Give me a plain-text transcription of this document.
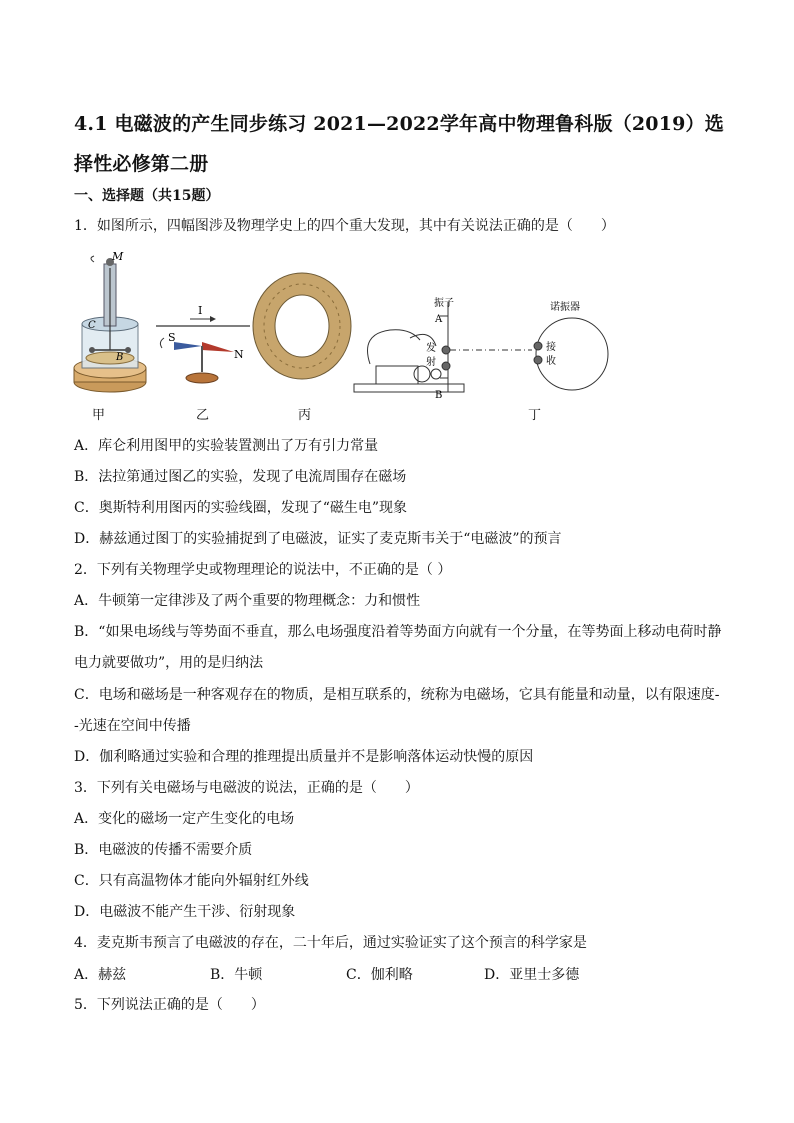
4.1 电磁波的产生同步练习 2021—2022学年高中物理鲁科版（2019）选择性必修第二册
一、选择题（共15题）
1．如图所示，四幅图涉及物理学史上的四个重大发现，其中有关说法正确的是（　　）
M
C
B
I
S
N
振子
A
发
射
B
诺振器
接
收
甲	乙	丙	丁
A．库仑利用图甲的实验装置测出了万有引力常量
B．法拉第通过图乙的实验，发现了电流周围存在磁场
C．奥斯特利用图丙的实验线圈，发现了“磁生电”现象
D．赫兹通过图丁的实验捕捉到了电磁波，证实了麦克斯韦关于“电磁波”的预言
2．下列有关物理学史或物理理论的说法中，不正确的是（ ）
A．牛顿第一定律涉及了两个重要的物理概念：力和惯性
B．“如果电场线与等势面不垂直，那么电场强度沿着等势面方向就有一个分量，在等势面上移动电荷时静电力就要做功”，用的是归纳法
C．电场和磁场是一种客观存在的物质，是相互联系的，统称为电磁场，它具有能量和动量，以有限速度--光速在空间中传播
D．伽利略通过实验和合理的推理提出质量并不是影响落体运动快慢的原因
3．下列有关电磁场与电磁波的说法，正确的是（　　）
A．变化的磁场一定产生变化的电场
B．电磁波的传播不需要介质
C．只有高温物体才能向外辐射红外线
D．电磁波不能产生干涉、衍射现象
4．麦克斯韦预言了电磁波的存在，二十年后，通过实验证实了这个预言的科学家是
A．赫兹	B．牛顿	C．伽利略	D．亚里士多德
5．下列说法正确的是（　　）
